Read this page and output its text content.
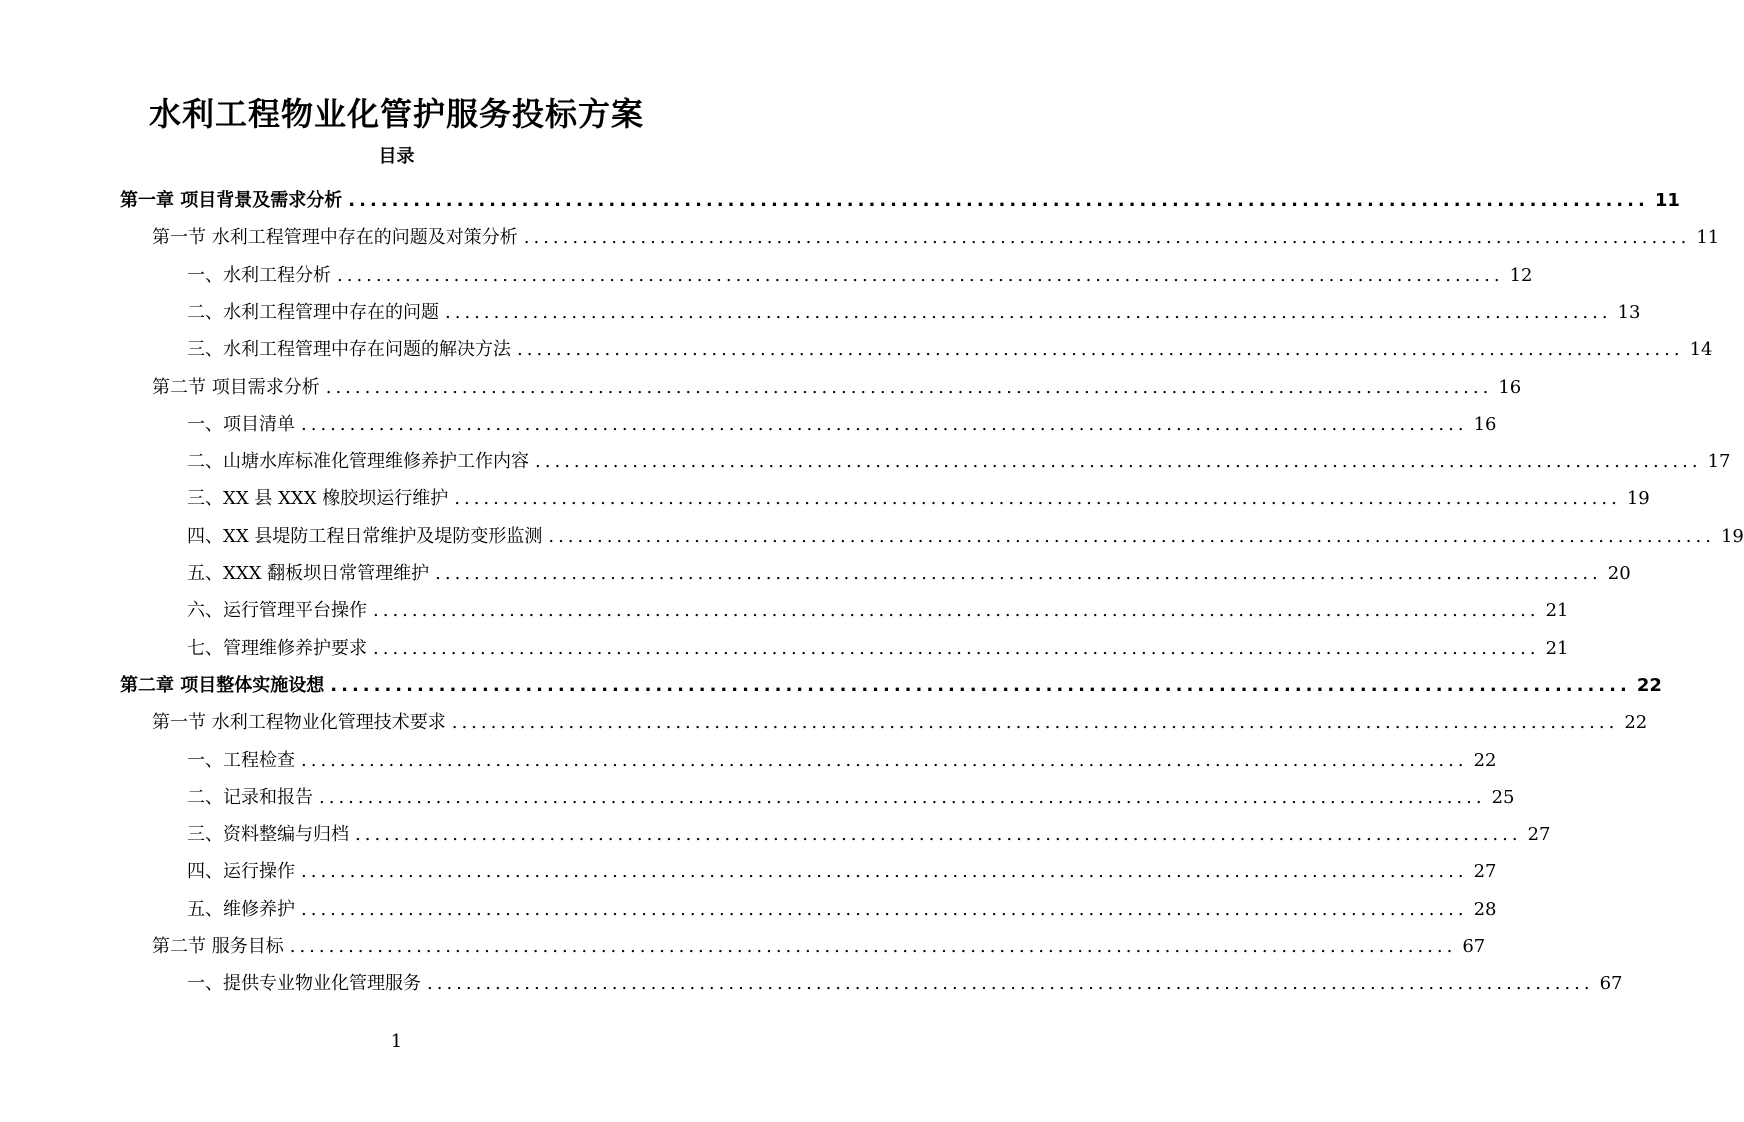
水利工程物业化管护服务投标方案
目录
第一章 项目背景及需求分析 ........................................................................................................................ 11
第一节 水利工程管理中存在的问题及对策分析 ........................................................................................................................ 11
一、水利工程分析 ........................................................................................................................ 12
二、水利工程管理中存在的问题 ........................................................................................................................ 13
三、水利工程管理中存在问题的解决方法 ........................................................................................................................ 14
第二节 项目需求分析 ........................................................................................................................ 16
一、项目清单 ........................................................................................................................ 16
二、山塘水库标准化管理维修养护工作内容 ........................................................................................................................ 17
三、XX 县 XXX 橡胶坝运行维护 ........................................................................................................................ 19
四、XX 县堤防工程日常维护及堤防变形监测 ........................................................................................................................ 19
五、XXX 翻板坝日常管理维护 ........................................................................................................................ 20
六、运行管理平台操作 ........................................................................................................................ 21
七、管理维修养护要求 ........................................................................................................................ 21
第二章 项目整体实施设想 ........................................................................................................................ 22
第一节 水利工程物业化管理技术要求 ........................................................................................................................ 22
一、工程检查 ........................................................................................................................ 22
二、记录和报告 ........................................................................................................................ 25
三、资料整编与归档 ........................................................................................................................ 27
四、运行操作 ........................................................................................................................ 27
五、维修养护 ........................................................................................................................ 28
第二节 服务目标 ........................................................................................................................ 67
一、提供专业物业化管理服务 ........................................................................................................................ 67
1
